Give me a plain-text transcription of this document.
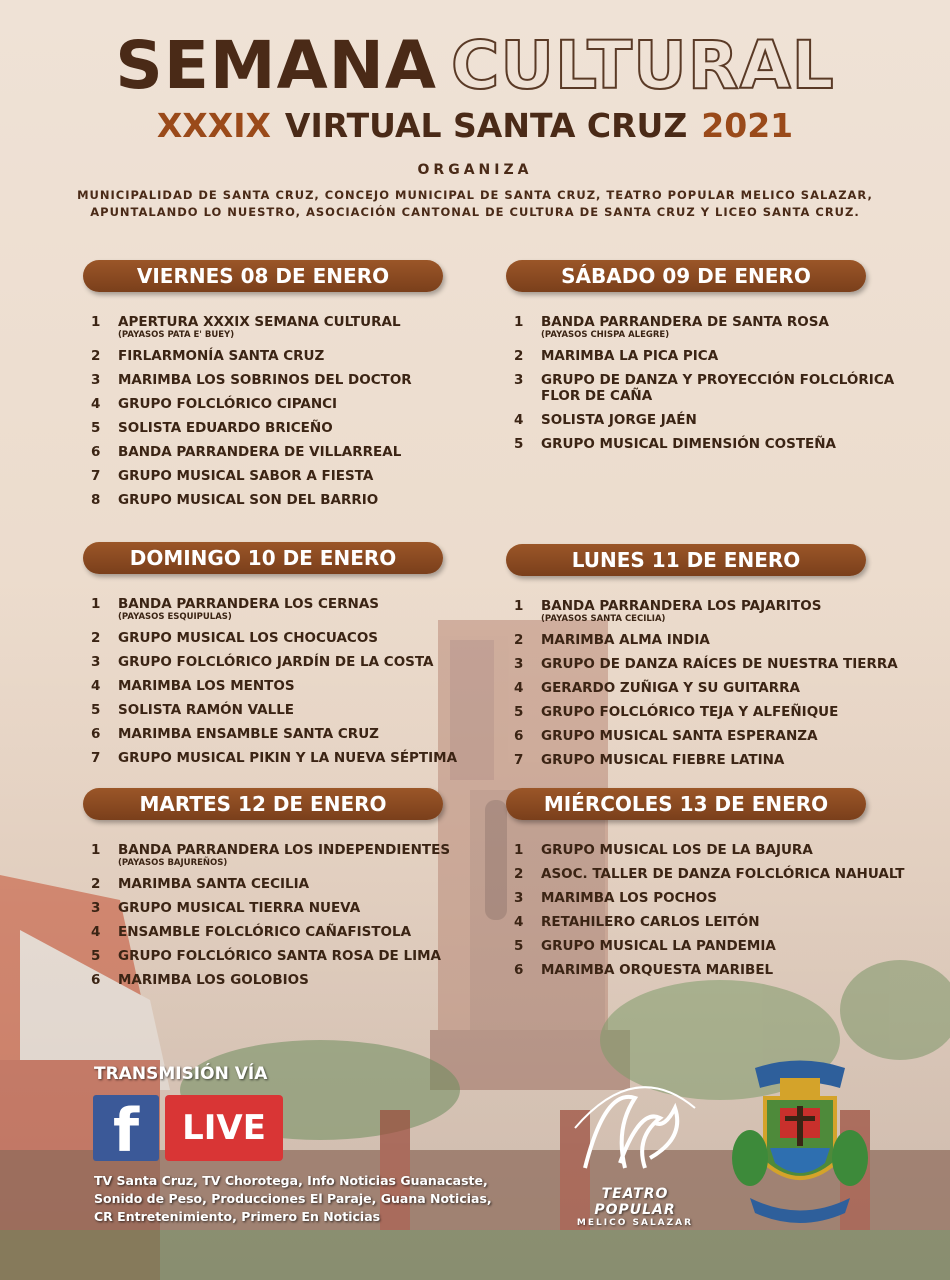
SEMANA CULTURAL
XXXIX VIRTUAL SANTA CRUZ 2021
ORGANIZA
MUNICIPALIDAD DE SANTA CRUZ, CONCEJO MUNICIPAL DE SANTA CRUZ, TEATRO POPULAR MELICO SALAZAR,
APUNTALANDO LO NUESTRO, ASOCIACIÓN CANTONAL DE CULTURA DE SANTA CRUZ Y LICEO SANTA CRUZ.
VIERNES 08 DE ENERO
1	APERTURA XXXIX SEMANA CULTURAL
(PAYASOS PATA E' BUEY)
2	FIRLARMONÍA SANTA CRUZ
3	MARIMBA LOS SOBRINOS DEL DOCTOR
4	GRUPO FOLCLÓRICO CIPANCI
5	SOLISTA EDUARDO BRICEÑO
6	BANDA PARRANDERA DE VILLARREAL
7	GRUPO MUSICAL SABOR A FIESTA
8	GRUPO MUSICAL SON DEL BARRIO
SÁBADO 09 DE ENERO
1	BANDA PARRANDERA DE SANTA ROSA
(PAYASOS CHISPA ALEGRE)
2	MARIMBA LA PICA PICA
3	GRUPO DE DANZA Y PROYECCIÓN FOLCLÓRICA
FLOR DE CAÑA
4	SOLISTA JORGE JAÉN
5	GRUPO MUSICAL DIMENSIÓN COSTEÑA
DOMINGO 10 DE ENERO
1	BANDA PARRANDERA LOS CERNAS
(PAYASOS ESQUIPULAS)
2	GRUPO MUSICAL LOS CHOCUACOS
3	GRUPO FOLCLÓRICO JARDÍN DE LA COSTA
4	MARIMBA LOS MENTOS
5	SOLISTA RAMÓN VALLE
6	MARIMBA ENSAMBLE SANTA CRUZ
7	GRUPO MUSICAL PIKIN Y LA NUEVA SÉPTIMA
LUNES 11 DE ENERO
1	BANDA PARRANDERA LOS PAJARITOS
(PAYASOS SANTA CECILIA)
2	MARIMBA ALMA INDIA
3	GRUPO DE DANZA RAÍCES DE NUESTRA TIERRA
4	GERARDO ZUÑIGA Y SU GUITARRA
5	GRUPO FOLCLÓRICO TEJA Y ALFEÑIQUE
6	GRUPO MUSICAL SANTA ESPERANZA
7	GRUPO MUSICAL FIEBRE LATINA
MARTES 12 DE ENERO
1	BANDA PARRANDERA LOS INDEPENDIENTES
(PAYASOS BAJUREÑOS)
2	MARIMBA SANTA CECILIA
3	GRUPO MUSICAL TIERRA NUEVA
4	ENSAMBLE FOLCLÓRICO CAÑAFISTOLA
5	GRUPO FOLCLÓRICO SANTA ROSA DE LIMA
6	MARIMBA LOS GOLOBIOS
MIÉRCOLES 13 DE ENERO
1	GRUPO MUSICAL LOS DE LA BAJURA
2	ASOC. TALLER DE DANZA FOLCLÓRICA NAHUALT
3	MARIMBA LOS POCHOS
4	RETAHILERO CARLOS LEITÓN
5	GRUPO MUSICAL LA PANDEMIA
6	MARIMBA ORQUESTA MARIBEL
TRANSMISIÓN VÍA
f	LIVE
TV Santa Cruz, TV Chorotega, Info Noticias Guanacaste,
Sonido de Peso, Producciones El Paraje, Guana Noticias,
CR Entretenimiento, Primero En Noticias
TEATRO POPULAR
MELICO SALAZAR
